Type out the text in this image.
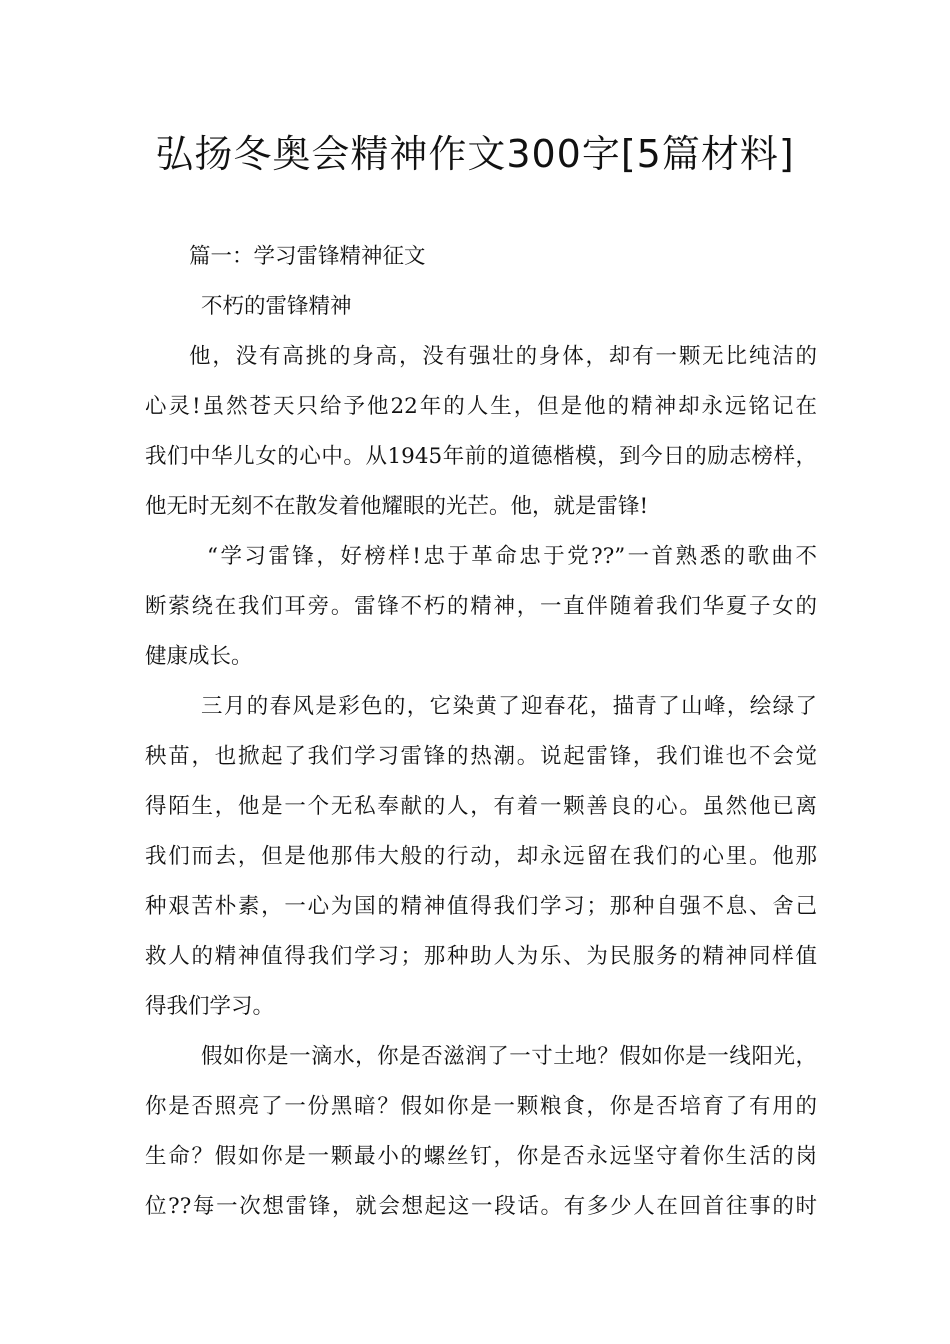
弘扬冬奥会精神作文300字[5篇材料]
篇一：学习雷锋精神征文
不朽的雷锋精神
他，没有高挑的身高，没有强壮的身体，却有一颗无比纯洁的
心灵!虽然苍天只给予他22年的人生，但是他的精神却永远铭记在
我们中华儿女的心中。从1945年前的道德楷模，到今日的励志榜样，
他无时无刻不在散发着他耀眼的光芒。他，就是雷锋!
“学习雷锋，好榜样!忠于革命忠于党??”一首熟悉的歌曲不
断萦绕在我们耳旁。雷锋不朽的精神，一直伴随着我们华夏子女的
健康成长。
三月的春风是彩色的，它染黄了迎春花，描青了山峰，绘绿了
秧苗，也掀起了我们学习雷锋的热潮。说起雷锋，我们谁也不会觉
得陌生，他是一个无私奉献的人，有着一颗善良的心。虽然他已离
我们而去，但是他那伟大般的行动，却永远留在我们的心里。他那
种艰苦朴素，一心为国的精神值得我们学习；那种自强不息、舍己
救人的精神值得我们学习；那种助人为乐、为民服务的精神同样值
得我们学习。
假如你是一滴水，你是否滋润了一寸土地？假如你是一线阳光，
你是否照亮了一份黑暗？假如你是一颗粮食，你是否培育了有用的
生命？假如你是一颗最小的螺丝钉，你是否永远坚守着你生活的岗
位??每一次想雷锋，就会想起这一段话。有多少人在回首往事的时
